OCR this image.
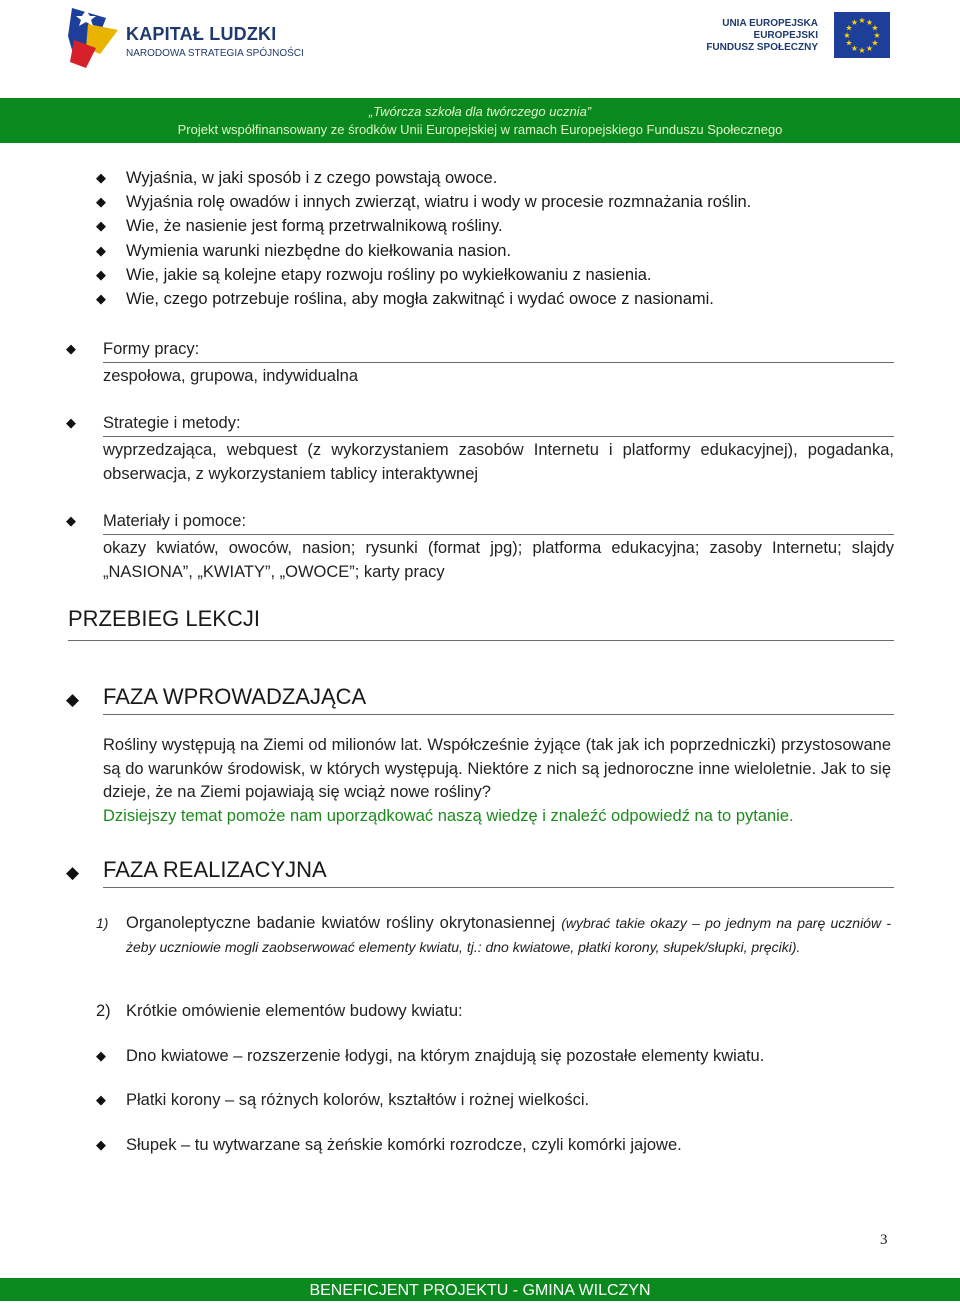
KAPITAŁ LUDZKI
NARODOWA STRATEGIA SPÓJNOŚCI
UNIA EUROPEJSKA
EUROPEJSKI
FUNDUSZ SPOŁECZNY
★
★
★
★
★
★
★
★
★ ★ ★
★
„Twórcza szkoła dla twórczego ucznia”
Projekt współfinansowany ze środków Unii Europejskiej w ramach Europejskiego Funduszu Społecznego
◆ Wyjaśnia, w jaki sposób i z czego powstają owoce.
◆ Wyjaśnia rolę owadów i innych zwierząt, wiatru i wody w procesie rozmnażania roślin.
◆ Wie, że nasienie jest formą przetrwalnikową rośliny.
◆ Wymienia warunki niezbędne do kiełkowania nasion.
◆ Wie, jakie są kolejne etapy rozwoju rośliny po wykiełkowaniu z nasienia.
◆ Wie, czego potrzebuje roślina, aby mogła zakwitnąć i wydać owoce z nasionami.
◆ Formy pracy:
zespołowa, grupowa, indywidualna
◆ Strategie i metody:
wyprzedzająca, webquest (z wykorzystaniem zasobów Internetu i platformy edukacyjnej), pogadanka, obserwacja, z wykorzystaniem tablicy interaktywnej
◆ Materiały i pomoce:
okazy kwiatów, owoców, nasion; rysunki (format jpg); platforma edukacyjna; zasoby Internetu; slajdy „NASIONA”, „KWIATY”, „OWOCE”; karty pracy
PRZEBIEG LEKCJI
◆ FAZA WPROWADZAJĄCA
Rośliny występują na Ziemi od milionów lat. Współcześnie żyjące (tak jak ich poprzedniczki) przystosowane są do warunków środowisk, w których występują. Niektóre z nich są jednoroczne inne wieloletnie. Jak to się dzieje, że na Ziemi pojawiają się wciąż nowe rośliny?
Dzisiejszy temat pomoże nam uporządkować naszą wiedzę i znaleźć odpowiedź na to pytanie.
◆ FAZA REALIZACYJNA
1) Organoleptyczne badanie kwiatów rośliny okrytonasiennej (wybrać takie okazy – po jednym na parę uczniów - żeby uczniowie mogli zaobserwować elementy kwiatu, tj.: dno kwiatowe, płatki korony, słupek/słupki, pręciki).
2) Krótkie omówienie elementów budowy kwiatu:
◆ Dno kwiatowe – rozszerzenie łodygi, na którym znajdują się pozostałe elementy kwiatu.
◆ Płatki korony – są różnych kolorów, kształtów i rożnej wielkości.
◆ Słupek – tu wytwarzane są żeńskie komórki rozrodcze, czyli komórki jajowe.
3
BENEFICJENT PROJEKTU - GMINA WILCZYN
